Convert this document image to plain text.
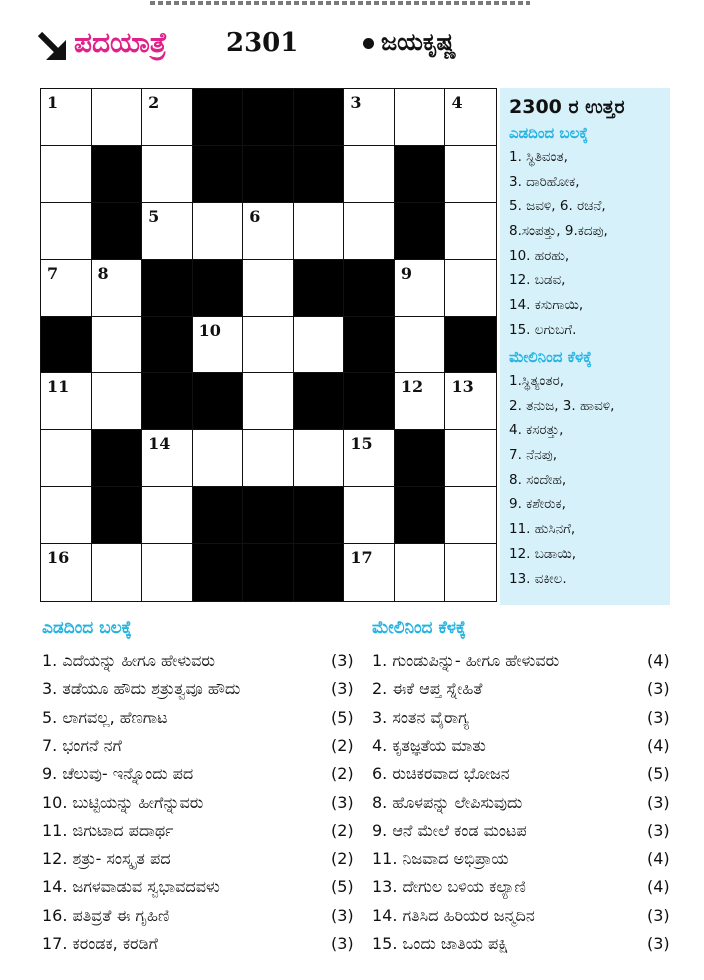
ಪದಯಾತ್ರೆ 2301	ಜಯಕೃಷ್ಣ
1	2	3	4
5	6
7 8	9
10
11	12 13
14	15
16	17
2300 ರ ಉತ್ತರ

ಎಡದಿಂದ ಬಲಕ್ಕೆ

1. ಸ್ಥಿತಿವಂತ,
3. ದಾರಿಹೋಕ,
5. ಜವಳಿ, 6. ರಚನೆ,
8.ಸಂಪತ್ತು, 9.ಕದಪು,
10. ಹರಹು,
12. ಬಡವ,
14. ಕಸುಗಾಯಿ,
15. ಲಗುಬಗೆ.

ಮೇಲಿನಿಂದ ಕೆಳಕ್ಕೆ

1.ಸ್ಥಿತ್ಯಂತರ,
2. ತನುಜ, 3. ಹಾವಳಿ,
4. ಕಸರತ್ತು,
7. ನೆನಪು,
8. ಸಂದೇಹ,
9. ಕಶೇರುಕ,
11. ಹುಸಿನಗೆ,
12. ಬಡಾಯಿ,
13. ವಕೀಲ.
ಎಡದಿಂದ ಬಲಕ್ಕೆ	ಮೇಲಿನಿಂದ ಕೆಳಕ್ಕೆ
1. ಎದೆಯನ್ನು ಹೀಗೂ ಹೇಳುವರು	(3)
3. ತಡೆಯೂ ಹೌದು ಶತ್ರುತ್ವವೂ ಹೌದು	(3)
5. ಲಾಗವಲ್ಲ, ಹೆಣಗಾಟ	(5)
7. ಭಂಗನೆ ನಗೆ	(2)
9. ಚೆಲುವು- ಇನ್ನೊಂದು ಪದ	(2)
10. ಬುಟ್ಟಿಯನ್ನು ಹೀಗೆನ್ನುವರು	(3)
11. ಜಿಗುಟಾದ ಪದಾರ್ಥ	(2)
12. ಶತ್ರು- ಸಂಸ್ಕೃತ ಪದ	(2)
14. ಜಗಳವಾಡುವ ಸ್ವಭಾವದವಳು	(5)
16. ಪತಿವ್ರತೆ ಈ ಗೃಹಿಣಿ	(3)
17. ಕರಂಡಕ, ಕರಡಿಗೆ	(3)
1. ಗುಂಡುಪಿನ್ನು- ಹೀಗೂ ಹೇಳುವರು	(4)
2. ಈಕೆ ಆಪ್ತ ಸ್ನೇಹಿತೆ	(3)
3. ಸಂತನ ವೈರಾಗ್ಯ	(3)
4. ಕೃತಜ್ಞತೆಯ ಮಾತು	(4)
6. ರುಚಿಕರವಾದ ಭೋಜನ	(5)
8. ಹೊಳಪನ್ನು ಲೇಪಿಸುವುದು	(3)
9. ಆನೆ ಮೇಲೆ ಕಂಡ ಮಂಟಪ	(3)
11. ನಿಜವಾದ ಅಭಿಪ್ರಾಯ	(4)
13. ದೇಗುಲ ಬಳಿಯ ಕಲ್ಯಾಣಿ	(4)
14. ಗತಿಸಿದ ಹಿರಿಯರ ಜನ್ಮದಿನ	(3)
15. ಒಂದು ಜಾತಿಯ ಪಕ್ಷಿ	(3)
